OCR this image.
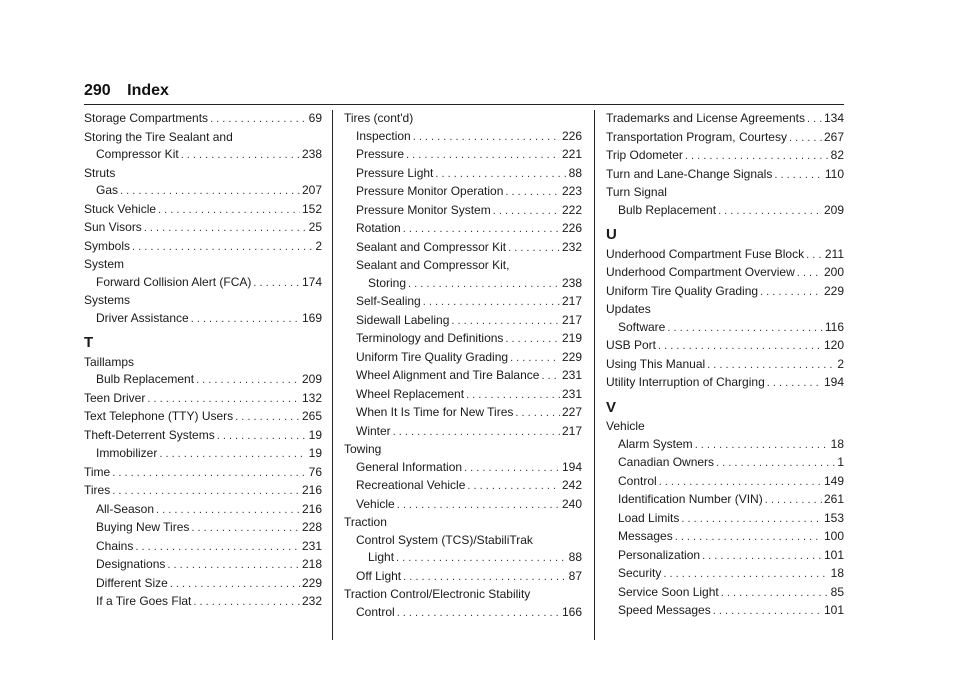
290 Index
Storage Compartments . . .	69
Storing the Tire Sealant and
Compressor Kit . . .	238
Struts
Gas . . .	207
Stuck Vehicle . . .	152
Sun Visors . . .	25
Symbols . . .	2
System
Forward Collision Alert (FCA) . . .	174
Systems
Driver Assistance . . .	169
T
Taillamps
Bulb Replacement . . .	209
Teen Driver . . .	132
Text Telephone (TTY) Users . . .	265
Theft-Deterrent Systems . . .	19
Immobilizer . . .	19
Time . . .	76
Tires . . .	216
All-Season . . .	216
Buying New Tires . . .	228
Chains . . .	231
Designations . . .	218
Different Size . . .	229
If a Tire Goes Flat . . .	232
Tires (cont'd)
Inspection . . .	226
Pressure . . .	221
Pressure Light . . .	88
Pressure Monitor Operation . . .	223
Pressure Monitor System . . .	222
Rotation . . .	226
Sealant and Compressor Kit . . .	232
Sealant and Compressor Kit,
Storing . . .	238
Self-Sealing . . .	217
Sidewall Labeling . . .	217
Terminology and Definitions . . .	219
Uniform Tire Quality Grading . . .	229
Wheel Alignment and Tire Balance . . . 231
Wheel Replacement . . .	231
When It Is Time for New Tires . . .	227
Winter . . .	217
Towing
General Information . . .	194
Recreational Vehicle . . .	242
Vehicle . . .	240
Traction
Control System (TCS)/StabiliTrak
Light . . .	88
Off Light . . .	87
Traction Control/Electronic Stability
Control . . .	166
Trademarks and License Agreements . . . 134
Transportation Program, Courtesy . . .	267
Trip Odometer . . .	82
Turn and Lane-Change Signals . . .	110
Turn Signal
Bulb Replacement . . .	209
U
Underhood Compartment Fuse Block . . . 211
Underhood Compartment Overview . . . 200
Uniform Tire Quality Grading . . .	229
Updates
Software . . .	116
USB Port . . .	120
Using This Manual . . .	2
Utility Interruption of Charging . . .	194
V
Vehicle
Alarm System . . .	18
Canadian Owners . . .	1
Control . . .	149
Identification Number (VIN) . . .	261
Load Limits . . .	153
Messages . . .	100
Personalization . . .	101
Security . . .	18
Service Soon Light . . .	85
Speed Messages . . .	101
